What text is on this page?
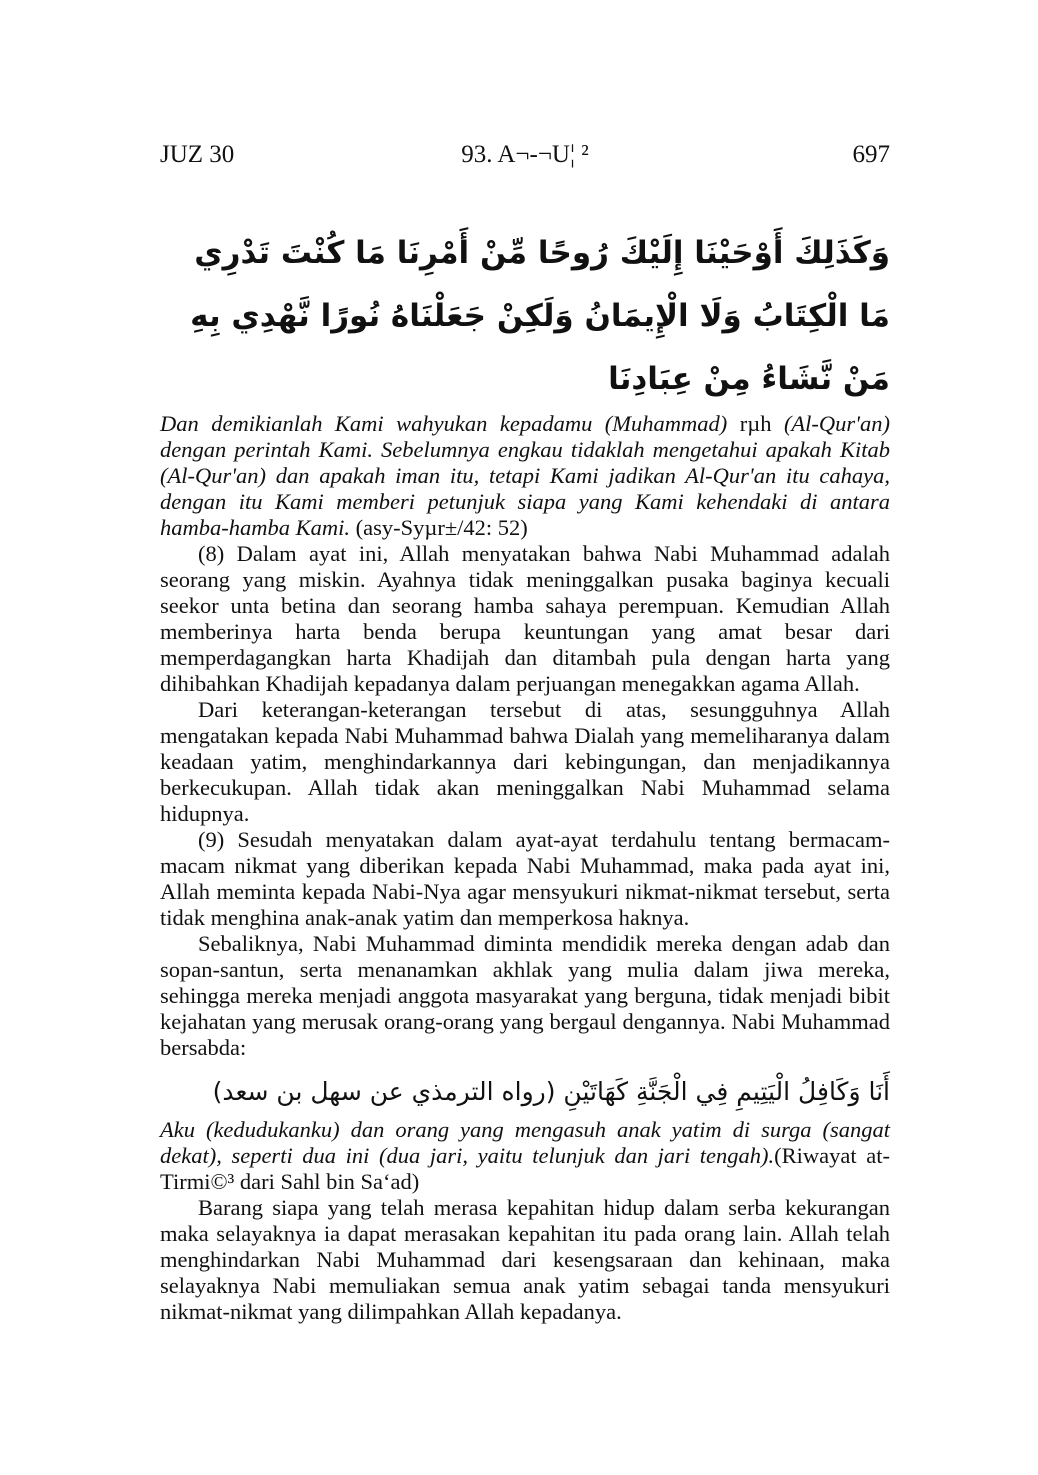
JUZ 30	93. A¬-¬U¦ ²	697
وَكَذَلِكَ أَوْحَيْنَا إِلَيْكَ رُوحًا مِّنْ أَمْرِنَا مَا كُنْتَ تَدْرِي مَا الْكِتَابُ وَلَا الْإِيمَانُ وَلَكِنْ جَعَلْنَاهُ نُورًا نَّهْدِي بِهِ مَنْ نَّشَاءُ مِنْ عِبَادِنَا

Dan demikianlah Kami wahyukan kepadamu (Muhammad) rµh (Al-Qur'an) dengan perintah Kami. Sebelumnya engkau tidaklah mengetahui apakah Kitab (Al-Qur'an) dan apakah iman itu, tetapi Kami jadikan Al-Qur'an itu cahaya, dengan itu Kami memberi petunjuk siapa yang Kami kehendaki di antara hamba-hamba Kami. (asy-Syµr±/42: 52)

(8) Dalam ayat ini, Allah menyatakan bahwa Nabi Muhammad adalah seorang yang miskin. Ayahnya tidak meninggalkan pusaka baginya kecuali seekor unta betina dan seorang hamba sahaya perempuan. Kemudian Allah memberinya harta benda berupa keuntungan yang amat besar dari memperdagangkan harta Khadijah dan ditambah pula dengan harta yang dihibahkan Khadijah kepadanya dalam perjuangan menegakkan agama Allah.

Dari keterangan-keterangan tersebut di atas, sesungguhnya Allah mengatakan kepada Nabi Muhammad bahwa Dialah yang memeliharanya dalam keadaan yatim, menghindarkannya dari kebingungan, dan menjadikannya berkecukupan. Allah tidak akan meninggalkan Nabi Muhammad selama hidupnya.

(9) Sesudah menyatakan dalam ayat-ayat terdahulu tentang bermacam-macam nikmat yang diberikan kepada Nabi Muhammad, maka pada ayat ini, Allah meminta kepada Nabi-Nya agar mensyukuri nikmat-nikmat tersebut, serta tidak menghina anak-anak yatim dan memperkosa haknya.

Sebaliknya, Nabi Muhammad diminta mendidik mereka dengan adab dan sopan-santun, serta menanamkan akhlak yang mulia dalam jiwa mereka, sehingga mereka menjadi anggota masyarakat yang berguna, tidak menjadi bibit kejahatan yang merusak orang-orang yang bergaul dengannya. Nabi Muhammad bersabda:

أَنَا وَكَافِلُ الْيَتِيمِ فِي الْجَنَّةِ كَهَاتَيْنِ (رواه الترمذي عن سهل بن سعد)

Aku (kedudukanku) dan orang yang mengasuh anak yatim di surga (sangat dekat), seperti dua ini (dua jari, yaitu telunjuk dan jari tengah).(Riwayat at-Tirmi©³ dari Sahl bin Sa‘ad)

Barang siapa yang telah merasa kepahitan hidup dalam serba kekurangan maka selayaknya ia dapat merasakan kepahitan itu pada orang lain. Allah telah menghindarkan Nabi Muhammad dari kesengsaraan dan kehinaan, maka selayaknya Nabi memuliakan semua anak yatim sebagai tanda mensyukuri nikmat-nikmat yang dilimpahkan Allah kepadanya.
